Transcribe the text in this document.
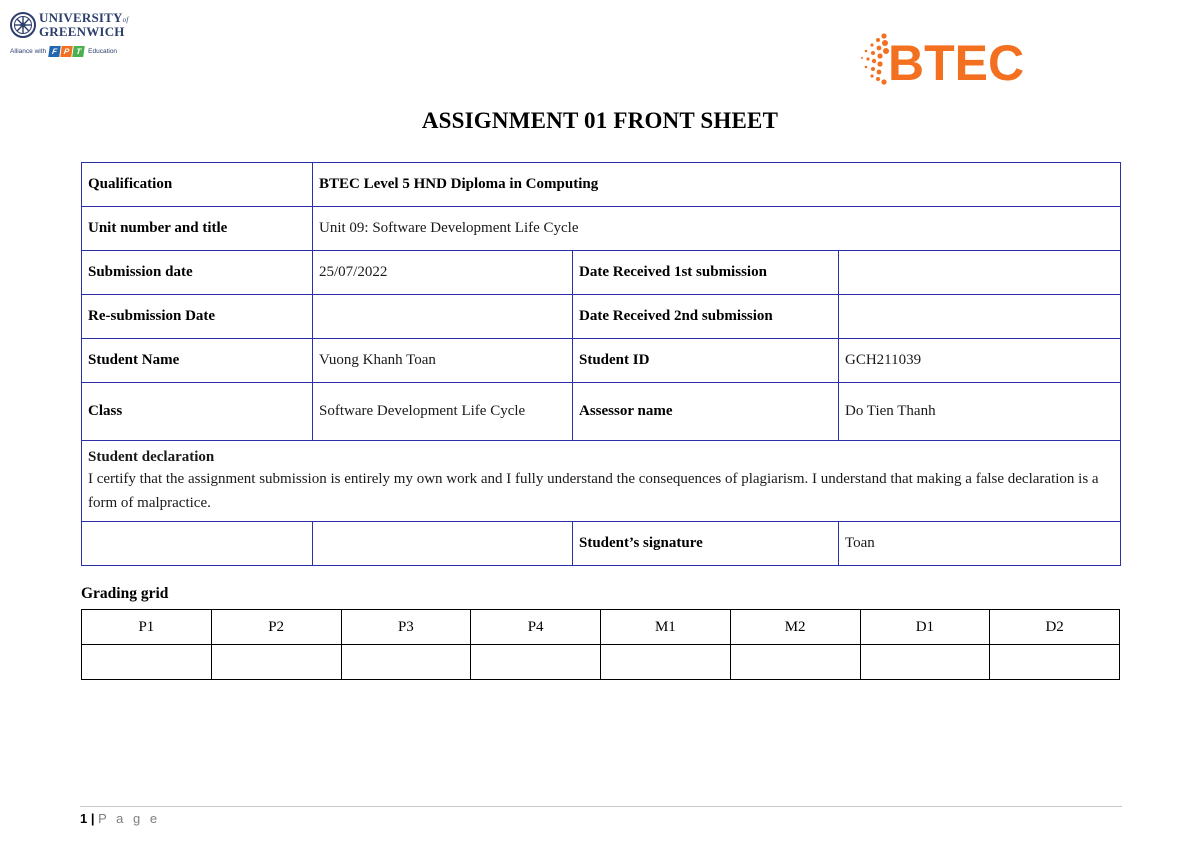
UNIVERSITYof
GREENWICH
Alliance with F P T Education	BTEC
ASSIGNMENT 01 FRONT SHEET
Qualification	BTEC Level 5 HND Diploma in Computing		
Unit number and title	Unit 09: Software Development Life Cycle		
Submission date	25/07/2022	Date Received 1st submission	
Re-submission Date		Date Received 2nd submission	
Student Name	Vuong Khanh Toan	Student ID	GCH211039
Class	Software Development Life Cycle	Assessor name	Do Tien Thanh

Student declaration
I certify that the assignment submission is entirely my own work and I fully understand the consequences of plagiarism. I understand that making a false declaration is a form of malpractice.			

		Student’s signature	Toan
Grading grid
P1	P2	P3	P4	M1	M2	D1	D2

1 | P a g e
